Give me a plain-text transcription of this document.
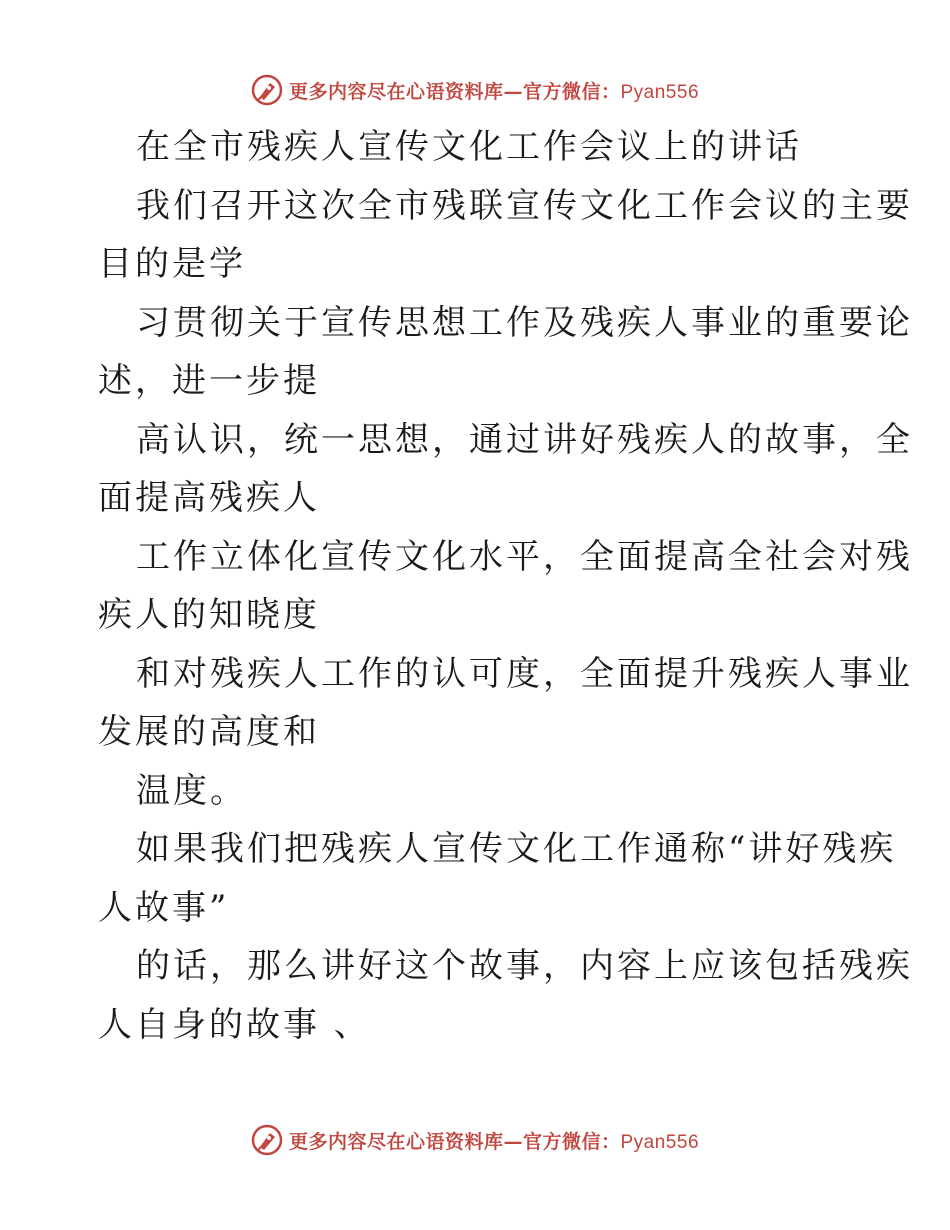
更多内容尽在心语资料库—官方微信：Pyan556
在全市残疾人宣传文化工作会议上的讲话
我们召开这次全市残联宣传文化工作会议的主要
目的是学
习贯彻关于宣传思想工作及残疾人事业的重要论
述，进一步提
高认识，统一思想，通过讲好残疾人的故事，全
面提高残疾人
工作立体化宣传文化水平，全面提高全社会对残
疾人的知晓度
和对残疾人工作的认可度，全面提升残疾人事业
发展的高度和
温度。
如果我们把残疾人宣传文化工作通称“讲好残疾
人故事”
的话，那么讲好这个故事，内容上应该包括残疾
人自身的故事 、
更多内容尽在心语资料库—官方微信：Pyan556
